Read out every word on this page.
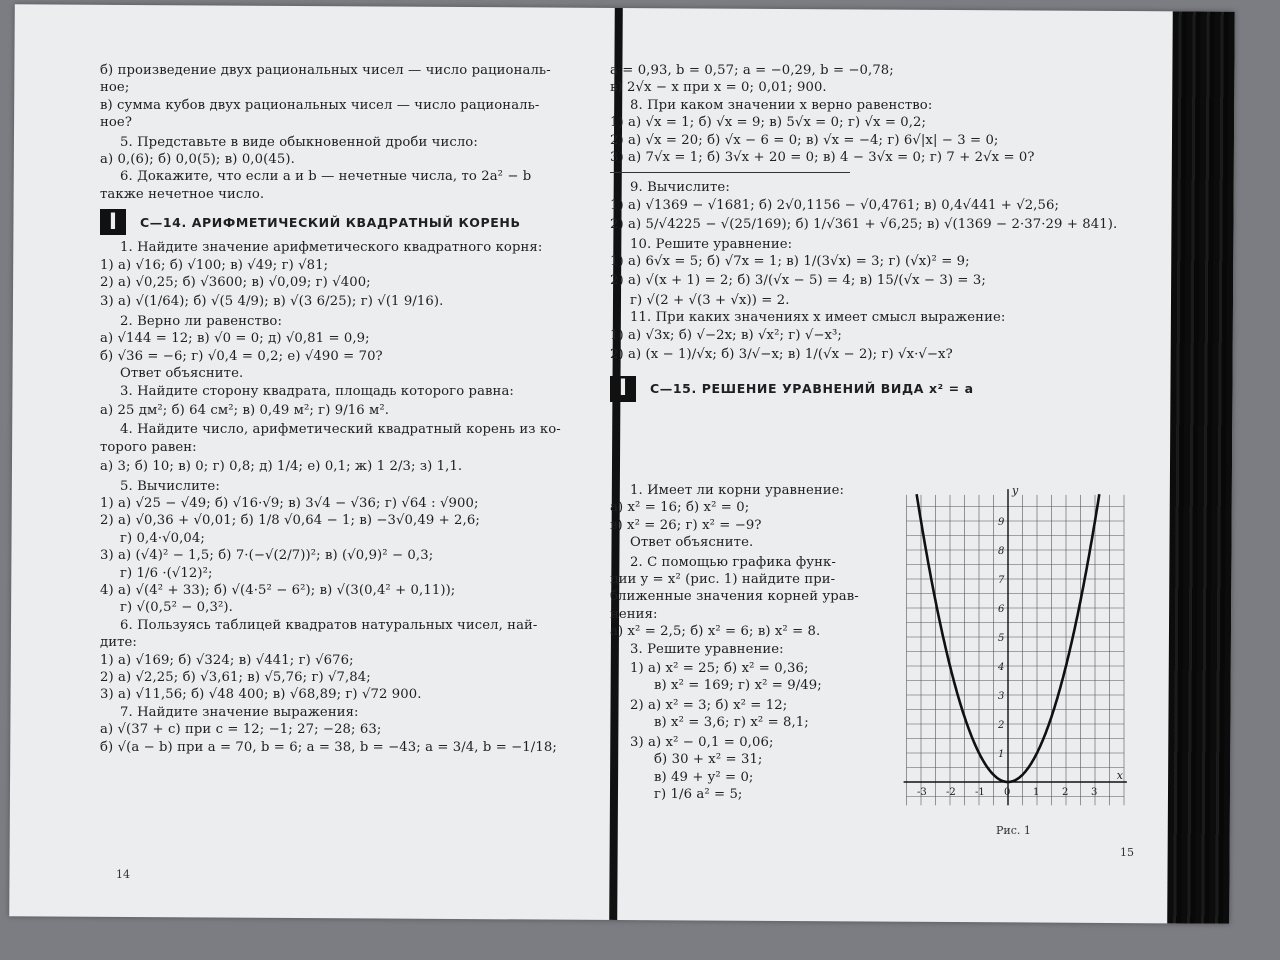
б) произведение двух рациональных чисел — число рациональ-
ное;
в) сумма кубов двух рациональных чисел — число рациональ-
ное?
5. Представьте в виде обыкновенной дроби число:
а) 0,(6); б) 0,0(5); в) 0,0(45).
6. Докажите, что если a и b — нечетные числа, то 2a² − b
также нечетное число.
I	С—14. АРИФМЕТИЧЕСКИЙ КВАДРАТНЫЙ КОРЕНЬ
1. Найдите значение арифметического квадратного корня:
1) а) √16; б) √100; в) √49; г) √81;
2) а) √0,25; б) √3600; в) √0,09; г) √400;
3) а) √(1/64); б) √(5 4/9); в) √(3 6/25); г) √(1 9/16).
2. Верно ли равенство:
а) √144 = 12; в) √0 = 0; д) √0,81 = 0,9;
б) √36 = −6; г) √0,4 = 0,2; е) √490 = 70?
Ответ объясните.
3. Найдите сторону квадрата, площадь которого равна:
а) 25 дм²; б) 64 см²; в) 0,49 м²; г) 9/16 м².
4. Найдите число, арифметический квадратный корень из ко-
торого равен:
а) 3; б) 10; в) 0; г) 0,8; д) 1/4; е) 0,1; ж) 1 2/3; з) 1,1.
5. Вычислите:
1) а) √25 − √49; б) √16·√9; в) 3√4 − √36; г) √64 : √900;
2) а) √0,36 + √0,01; б) 1/8 √0,64 − 1; в) −3√0,49 + 2,6;
г) 0,4·√0,04;
3) а) (√4)² − 1,5; б) 7·(−√(2/7))²; в) (√0,9)² − 0,3;
г) 1/6 ·(√12)²;
4) а) √(4² + 33); б) √(4·5² − 6²); в) √(3(0,4² + 0,11));
г) √(0,5² − 0,3²).
6. Пользуясь таблицей квадратов натуральных чисел, най-
дите:
1) а) √169; б) √324; в) √441; г) √676;
2) а) √2,25; б) √3,61; в) √5,76; г) √7,84;
3) а) √11,56; б) √48 400; в) √68,89; г) √72 900.
7. Найдите значение выражения:
а) √(37 + c) при c = 12; −1; 27; −28; 63;
б) √(a − b) при a = 70, b = 6; a = 38, b = −43; a = 3/4, b = −1/18;
14
a = 0,93, b = 0,57; a = −0,29, b = −0,78;
в) 2√x − x при x = 0; 0,01; 900.
8. При каком значении x верно равенство:
1) а) √x = 1; б) √x = 9; в) 5√x = 0; г) √x = 0,2;
2) а) √x = 20; б) √x − 6 = 0; в) √x = −4; г) 6√|x| − 3 = 0;
3) а) 7√x = 1; б) 3√x + 20 = 0; в) 4 − 3√x = 0; г) 7 + 2√x = 0?
9. Вычислите:
1) а) √1369 − √1681; б) 2√0,1156 − √0,4761; в) 0,4√441 + √2,56;
2) а) 5/√4225 − √(25/169); б) 1/√361 + √6,25; в) √(1369 − 2·37·29 + 841).
10. Решите уравнение:
1) а) 6√x = 5; б) √7x = 1; в) 1/(3√x) = 3; г) (√x)² = 9;
2) а) √(x + 1) = 2; б) 3/(√x − 5) = 4; в) 15/(√x − 3) = 3;
г) √(2 + √(3 + √x)) = 2.
11. При каких значениях x имеет смысл выражение:
1) а) √3x; б) √−2x; в) √x²; г) √−x³;
2) а) (x − 1)/√x; б) 3/√−x; в) 1/(√x − 2); г) √x·√−x?
I	С—15. РЕШЕНИЕ УРАВНЕНИЙ ВИДА x² = a
1. Имеет ли корни уравнение:
а) x² = 16; б) x² = 0;
в) x² = 26; г) x² = −9?
Ответ объясните.
2. С помощью графика функ-
ции y = x² (рис. 1) найдите при-
ближенные значения корней урав-
нения:
а) x² = 2,5; б) x² = 6; в) x² = 8.
3. Решите уравнение:
1) а) x² = 25; б) x² = 0,36;
в) x² = 169; г) x² = 9/49;
2) а) x² = 3; б) x² = 12;
в) x² = 3,6; г) x² = 8,1;
3) а) x² − 0,1 = 0,06;
б) 30 + x² = 31;
в) 49 + y² = 0;
г) 1/6 a² = 5;
1
2
3
4
5
6
7
8
9
-3 -2 -1 0 1 2 3
y
x
Рис. 1
15
